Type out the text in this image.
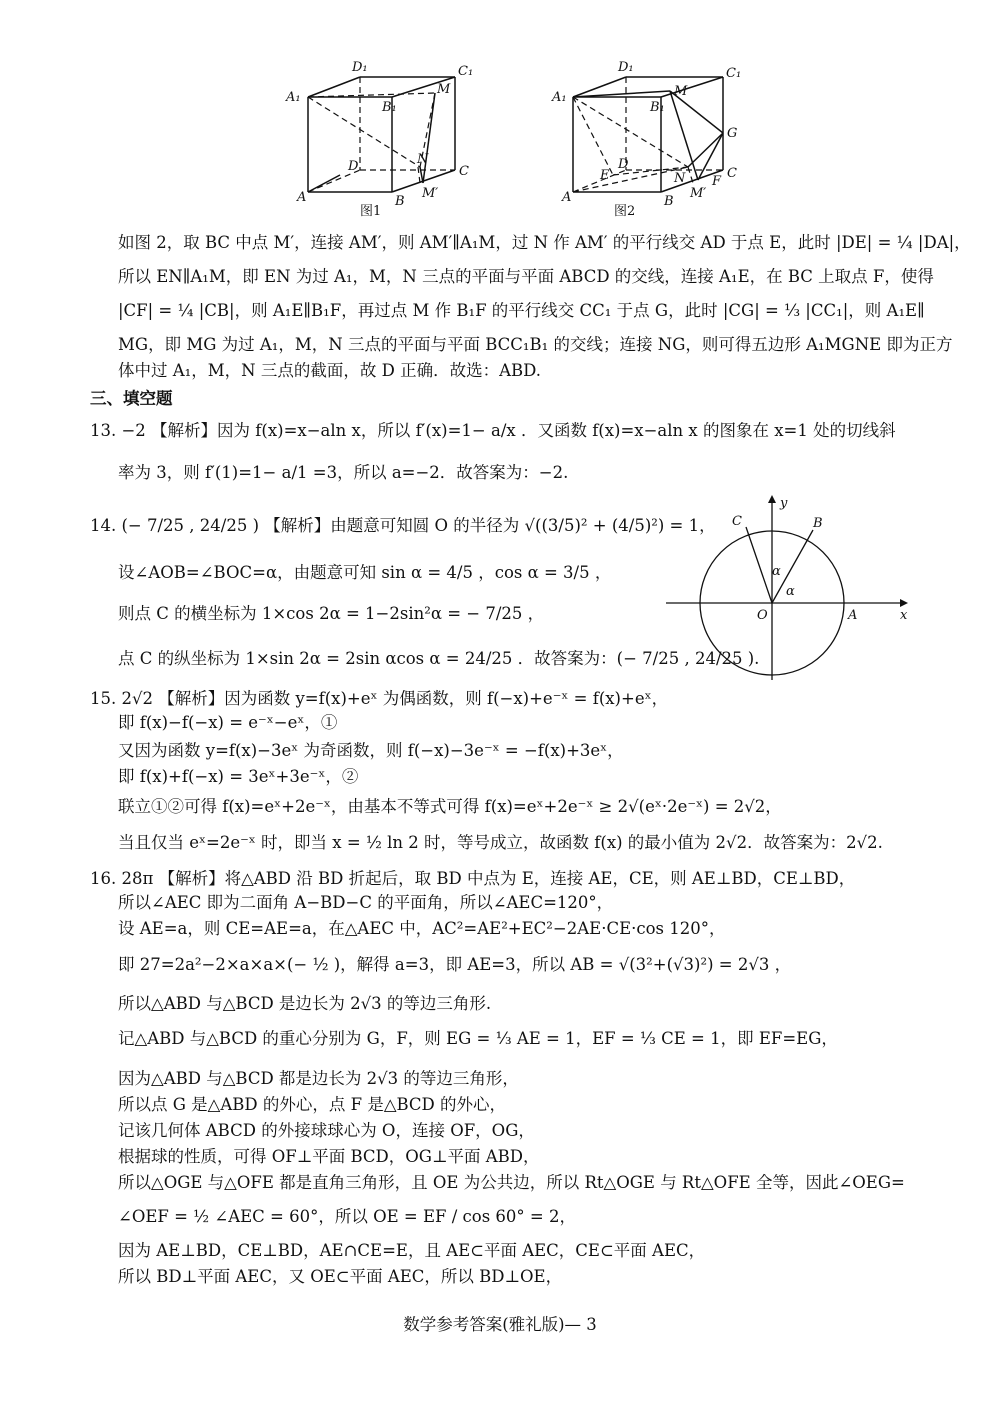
D₁	C₁
A₁
B₁
M
N
D	C
A	B
M′
图1
D₁	C₁
A₁
B₁
M
G
E
D
N F
C
A	B
M′
图2
y
C	B
α
α
O	A	x
如图 2，取 BC 中点 M′，连接 AM′，则 AM′∥A₁M，过 N 作 AM′ 的平行线交 AD 于点 E，此时 |DE| = ¼ |DA|，
所以 EN∥A₁M，即 EN 为过 A₁，M，N 三点的平面与平面 ABCD 的交线，连接 A₁E，在 BC 上取点 F，使得
|CF| = ¼ |CB|，则 A₁E∥B₁F，再过点 M 作 B₁F 的平行线交 CC₁ 于点 G，此时 |CG| = ⅓ |CC₁|，则 A₁E∥
MG，即 MG 为过 A₁，M，N 三点的平面与平面 BCC₁B₁ 的交线；连接 NG，则可得五边形 A₁MGNE 即为正方
体中过 A₁，M，N 三点的截面，故 D 正确．故选：ABD.
三、填空题
13. −2 【解析】因为 f(x)=x−aln x，所以 f′(x)=1− a/x ．又函数 f(x)=x−aln x 的图象在 x=1 处的切线斜
率为 3，则 f′(1)=1− a/1 =3，所以 a=−2．故答案为：−2.
14. (− 7/25 , 24/25 ) 【解析】由题意可知圆 O 的半径为 √((3/5)² + (4/5)²) = 1，
设∠AOB=∠BOC=α，由题意可知 sin α = 4/5 ，cos α = 3/5 ，
则点 C 的横坐标为 1×cos 2α = 1−2sin²α = − 7/25 ，
点 C 的纵坐标为 1×sin 2α = 2sin αcos α = 24/25 ．故答案为：(− 7/25 , 24/25 ).
15. 2√2 【解析】因为函数 y=f(x)+eˣ 为偶函数，则 f(−x)+e⁻ˣ = f(x)+eˣ，
即 f(x)−f(−x) = e⁻ˣ−eˣ，①
又因为函数 y=f(x)−3eˣ 为奇函数，则 f(−x)−3e⁻ˣ = −f(x)+3eˣ，
即 f(x)+f(−x) = 3eˣ+3e⁻ˣ，②
联立①②可得 f(x)=eˣ+2e⁻ˣ，由基本不等式可得 f(x)=eˣ+2e⁻ˣ ≥ 2√(eˣ·2e⁻ˣ) = 2√2，
当且仅当 eˣ=2e⁻ˣ 时，即当 x = ½ ln 2 时，等号成立，故函数 f(x) 的最小值为 2√2．故答案为：2√2.
16. 28π 【解析】将△ABD 沿 BD 折起后，取 BD 中点为 E，连接 AE，CE，则 AE⊥BD，CE⊥BD，
所以∠AEC 即为二面角 A−BD−C 的平面角，所以∠AEC=120°，
设 AE=a，则 CE=AE=a，在△AEC 中，AC²=AE²+EC²−2AE·CE·cos 120°，
即 27=2a²−2×a×a×(− ½ )，解得 a=3，即 AE=3，所以 AB = √(3²+(√3)²) = 2√3 ，
所以△ABD 与△BCD 是边长为 2√3 的等边三角形.
记△ABD 与△BCD 的重心分别为 G，F，则 EG = ⅓ AE = 1，EF = ⅓ CE = 1，即 EF=EG，
因为△ABD 与△BCD 都是边长为 2√3 的等边三角形，
所以点 G 是△ABD 的外心，点 F 是△BCD 的外心，
记该几何体 ABCD 的外接球球心为 O，连接 OF，OG，
根据球的性质，可得 OF⊥平面 BCD，OG⊥平面 ABD，
所以△OGE 与△OFE 都是直角三角形，且 OE 为公共边，所以 Rt△OGE 与 Rt△OFE 全等，因此∠OEG=
∠OEF = ½ ∠AEC = 60°，所以 OE = EF / cos 60° = 2，
因为 AE⊥BD，CE⊥BD，AE∩CE=E，且 AE⊂平面 AEC，CE⊂平面 AEC，
所以 BD⊥平面 AEC，又 OE⊂平面 AEC，所以 BD⊥OE，
数学参考答案(雅礼版)— 3
